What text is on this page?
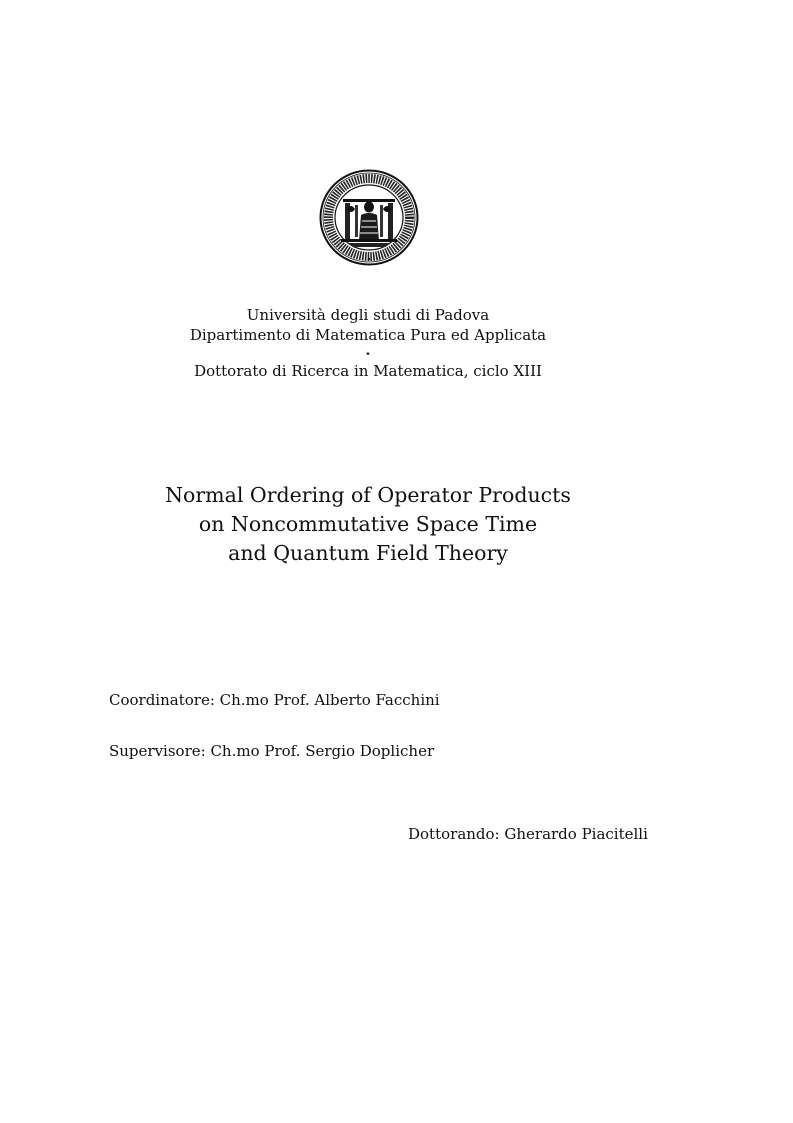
Università degli studi di Padova
Dipartimento di Matematica Pura ed Applicata
⋆
Dottorato di Ricerca in Matematica, ciclo XIII
Normal Ordering of Operator Products
on Noncommutative Space Time
and Quantum Field Theory
Coordinatore: Ch.mo Prof. Alberto Facchini
Supervisore: Ch.mo Prof. Sergio Doplicher
Dottorando: Gherardo Piacitelli
